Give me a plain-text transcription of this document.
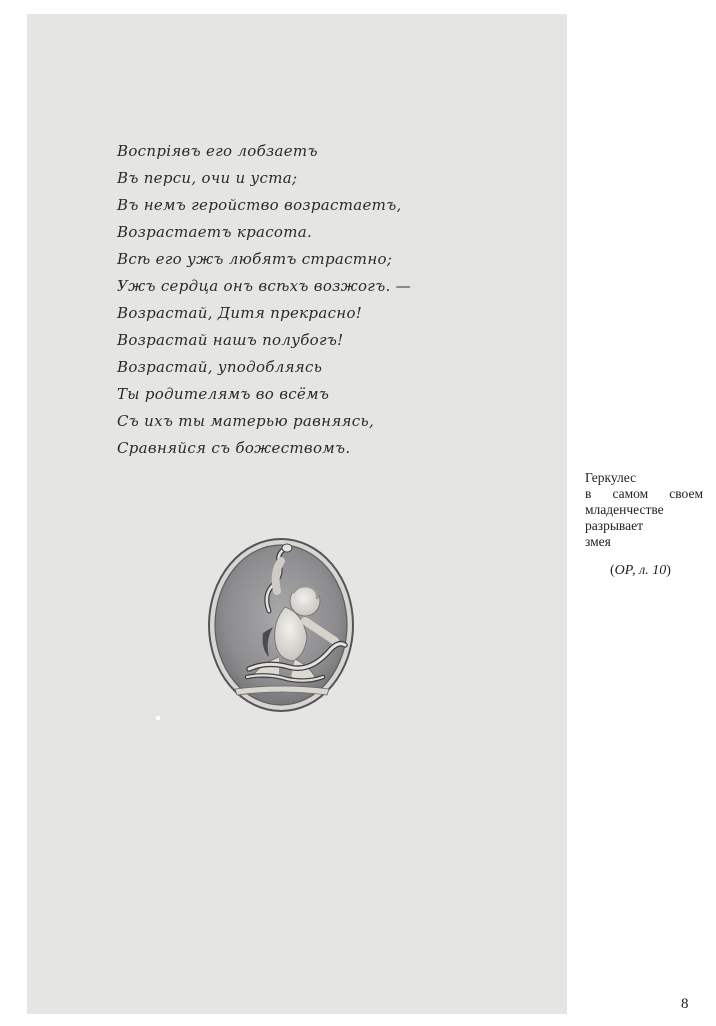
Воспріявъ его лобзаетъ
Въ перси, очи и уста;
Въ немъ геройство возрастаетъ,
Возрастаетъ красота.
Всѣ его ужъ любятъ страстно;
Ужъ сердца онъ всѣхъ возжогъ. —
Возрастай, Дитя прекрасно!
Возрастай нашъ полубогъ!
Возрастай, уподобляясь
Ты родителямъ во всёмъ
Съ ихъ ты матерью равняясь,
Сравняйся съ божествомъ.
Геркулес
в самом своем
младенчестве
разрывает
змея
(ОР, л. 10)
8
